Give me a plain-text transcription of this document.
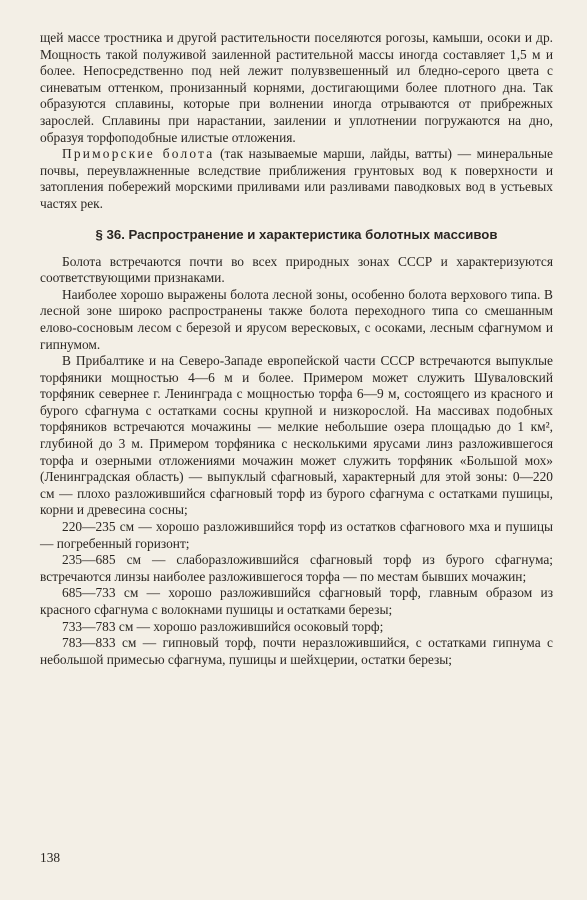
щей массе тростника и другой растительности поселяются рогозы, камыши, осоки и др. Мощность такой полуживой заиленной растительной массы иногда составляет 1,5 м и более. Непосредственно под ней лежит полувзвешенный ил бледно-серого цвета с синеватым оттенком, пронизанный корнями, достигающими более плотного дна. Так образуются сплавины, которые при волнении иногда отрываются от прибрежных зарослей. Сплавины при нарастании, заилении и уплотнении погружаются на дно, образуя торфоподобные илистые отложения.

Приморские болота (так называемые марши, лайды, ватты) — минеральные почвы, переувлажненные вследствие приближения грунтовых вод к поверхности и затопления побережий морскими приливами или разливами паводковых вод в устьевых частях рек.

§ 36. Распространение и характеристика болотных массивов

Болота встречаются почти во всех природных зонах СССР и характеризуются соответствующими признаками.

Наиболее хорошо выражены болота лесной зоны, особенно болота верхового типа. В лесной зоне широко распространены также болота переходного типа со смешанным елово-сосновым лесом с березой и ярусом вересковых, с осоками, лесным сфагнумом и гипнумом.

В Прибалтике и на Северо-Западе европейской части СССР встречаются выпуклые торфяники мощностью 4—6 м и более. Примером может служить Шуваловский торфяник севернее г. Ленинграда с мощностью торфа 6—9 м, состоящего из красного и бурого сфагнума с остатками сосны крупной и низкорослой. На массивах подобных торфяников встречаются мочажины — мелкие небольшие озера площадью до 1 км², глубиной до 3 м. Примером торфяника с несколькими ярусами линз разложившегося торфа и озерными отложениями мочажин может служить торфяник «Большой мох» (Ленинградская область) — выпуклый сфагновый, характерный для этой зоны: 0—220 см — плохо разложившийся сфагновый торф из бурого сфагнума с остатками пушицы, корни и древесина сосны;

220—235 см — хорошо разложившийся торф из остатков сфагнового мха и пушицы — погребенный горизонт;

235—685 см — слаборазложившийся сфагновый торф из бурого сфагнума; встречаются линзы наиболее разложившегося торфа — по местам бывших мочажин;

685—733 см — хорошо разложившийся сфагновый торф, главным образом из красного сфагнума с волокнами пушицы и остатками березы;

733—783 см — хорошо разложившийся осоковый торф;

783—833 см — гипновый торф, почти неразложившийся, с остатками гипнума с небольшой примесью сфагнума, пушицы и шейхцерии, остатки березы;

138
